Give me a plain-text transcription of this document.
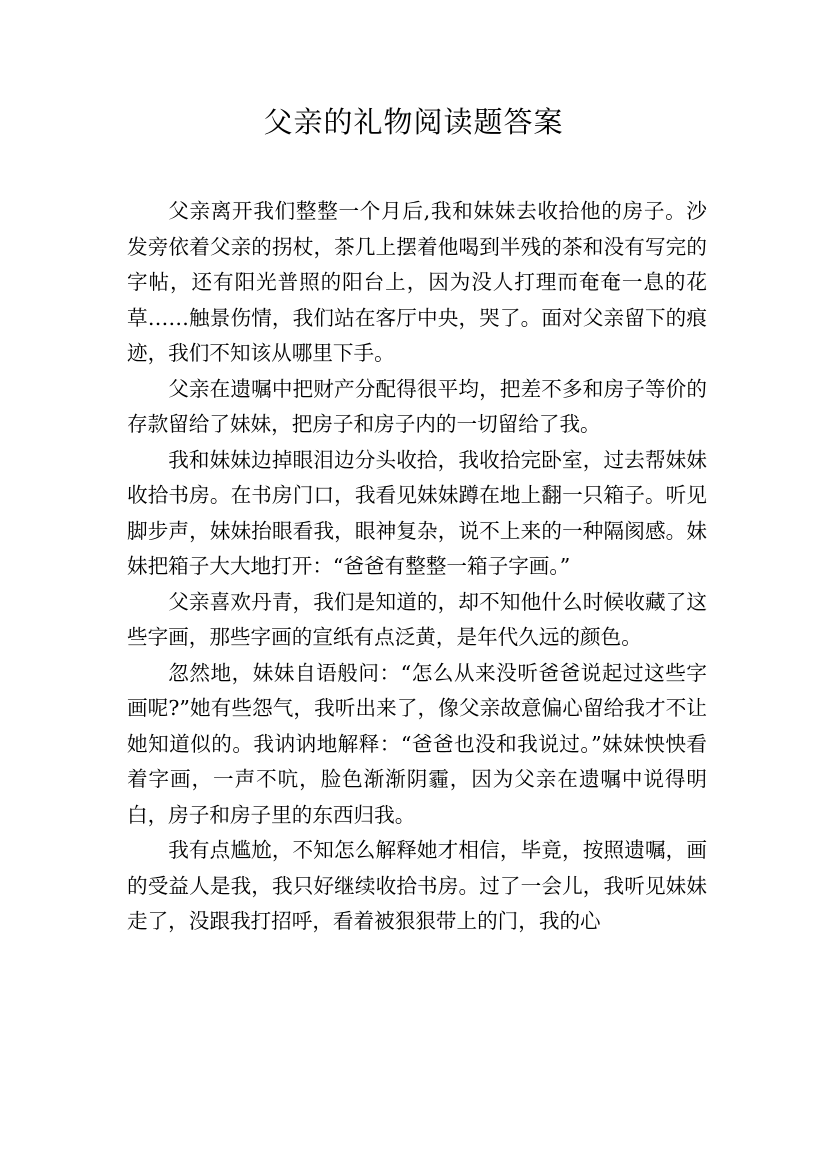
父亲的礼物阅读题答案

父亲离开我们整整一个月后,我和妹妹去收拾他的房子。沙发旁依着父亲的拐杖，茶几上摆着他喝到半残的茶和没有写完的字帖，还有阳光普照的阳台上，因为没人打理而奄奄一息的花草……触景伤情，我们站在客厅中央，哭了。面对父亲留下的痕迹，我们不知该从哪里下手。

父亲在遗嘱中把财产分配得很平均，把差不多和房子等价的存款留给了妹妹，把房子和房子内的一切留给了我。

我和妹妹边掉眼泪边分头收拾，我收拾完卧室，过去帮妹妹收拾书房。在书房门口，我看见妹妹蹲在地上翻一只箱子。听见脚步声，妹妹抬眼看我，眼神复杂，说不上来的一种隔阂感。妹妹把箱子大大地打开：“爸爸有整整一箱子字画。”

父亲喜欢丹青，我们是知道的，却不知他什么时候收藏了这些字画，那些字画的宣纸有点泛黄，是年代久远的颜色。

忽然地，妹妹自语般问：“怎么从来没听爸爸说起过这些字画呢?”她有些怨气，我听出来了，像父亲故意偏心留给我才不让她知道似的。我讷讷地解释：“爸爸也没和我说过。”妹妹怏怏看着字画，一声不吭，脸色渐渐阴霾，因为父亲在遗嘱中说得明白，房子和房子里的东西归我。

我有点尴尬，不知怎么解释她才相信，毕竟，按照遗嘱，画的受益人是我，我只好继续收拾书房。过了一会儿，我听见妹妹走了，没跟我打招呼，看着被狠狠带上的门，我的心
